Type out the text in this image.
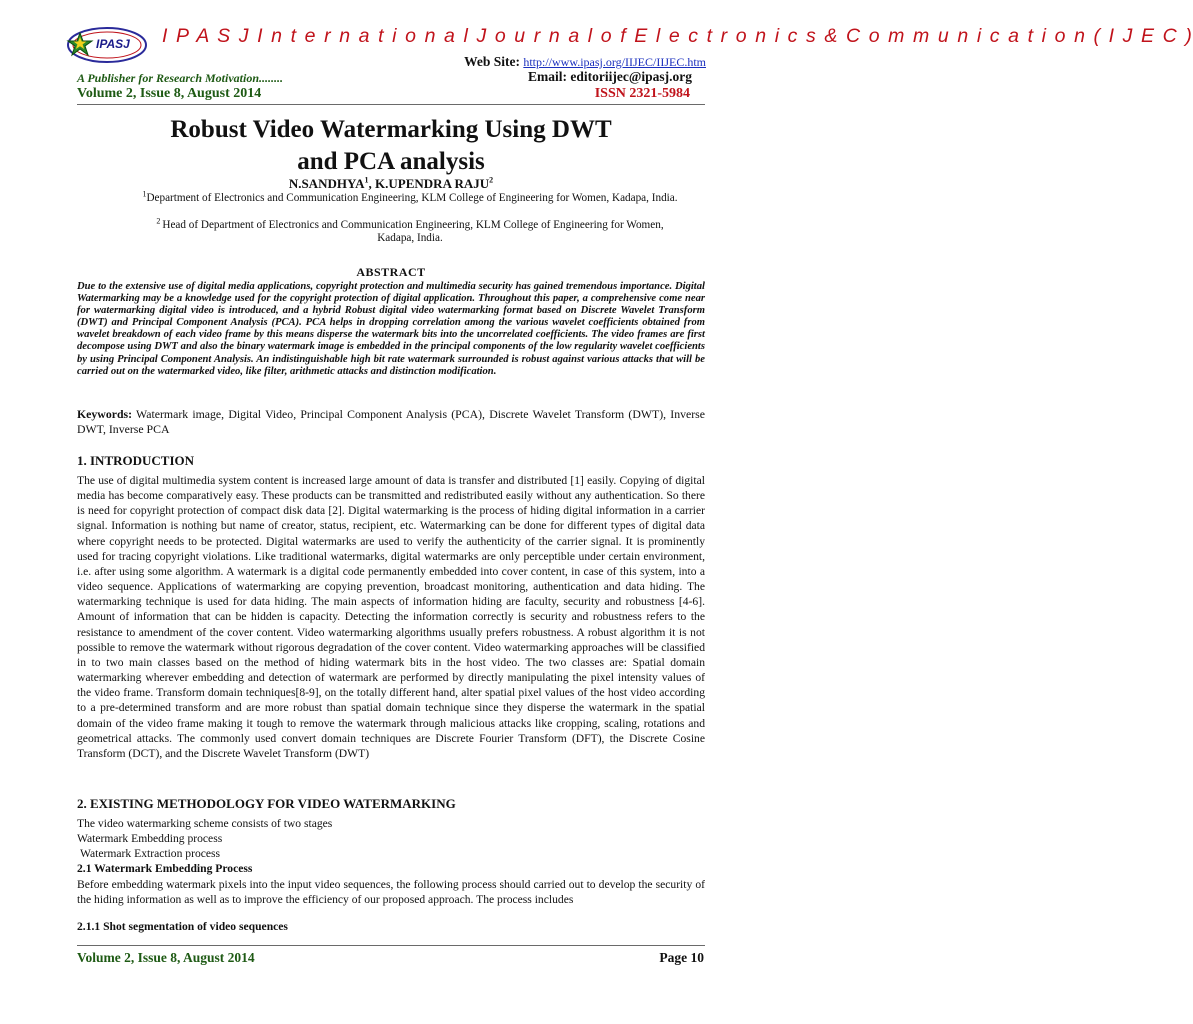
IPASJ I P A S J I n t e r n a t i o n a l J o u r n a l o f E l e c t r o n i c s & C o m m u n i c a t i o n ( I J E C )
Web Site: http://www.ipasj.org/IIJEC/IIJEC.htm
A Publisher for Research Motivation........	Email: editoriijec@ipasj.org
Volume 2, Issue 8, August 2014	ISSN 2321-5984
Robust Video Watermarking Using DWT
and PCA analysis
N.SANDHYA$^1$, K.UPENDRA RAJU$^2$
$^1$Department of Electronics and Communication Engineering, KLM College of Engineering for Women, Kadapa, India.
$^2$ Head of Department of Electronics and Communication Engineering, KLM College of Engineering for Women, Kadapa, India.
ABSTRACT
Due to the extensive use of digital media applications, copyright protection and multimedia security has gained tremendous importance. Digital Watermarking may be a knowledge used for the copyright protection of digital application. Throughout this paper, a comprehensive come near for watermarking digital video is introduced, and a hybrid Robust digital video watermarking format based on Discrete Wavelet Transform (DWT) and Principal Component Analysis (PCA). PCA helps in dropping correlation among the various wavelet coefficients obtained from wavelet breakdown of each video frame by this means disperse the watermark bits into the uncorrelated coefficients. The video frames are first decompose using DWT and also the binary watermark image is embedded in the principal components of the low regularity wavelet coefficients by using Principal Component Analysis. An indistinguishable high bit rate watermark surrounded is robust against various attacks that will be carried out on the watermarked video, like filter, arithmetic attacks and distinction modification.
Keywords: Watermark image, Digital Video, Principal Component Analysis (PCA), Discrete Wavelet Transform (DWT), Inverse DWT, Inverse PCA
1. INTRODUCTION
The use of digital multimedia system content is increased large amount of data is transfer and distributed [1] easily. Copying of digital media has become comparatively easy. These products can be transmitted and redistributed easily without any authentication. So there is need for copyright protection of compact disk data [2]. Digital watermarking is the process of hiding digital information in a carrier signal. Information is nothing but name of creator, status, recipient, etc. Watermarking can be done for different types of digital data where copyright needs to be protected. Digital watermarks are used to verify the authenticity of the carrier signal. It is prominently used for tracing copyright violations. Like traditional watermarks, digital watermarks are only perceptible under certain environment, i.e. after using some algorithm. A watermark is a digital code permanently embedded into cover content, in case of this system, into a video sequence. Applications of watermarking are copying prevention, broadcast monitoring, authentication and data hiding. The watermarking technique is used for data hiding. The main aspects of information hiding are faculty, security and robustness [4-6]. Amount of information that can be hidden is capacity. Detecting the information correctly is security and robustness refers to the resistance to amendment of the cover content. Video watermarking algorithms usually prefers robustness. A robust algorithm it is not possible to remove the watermark without rigorous degradation of the cover content. Video watermarking approaches will be classified in to two main classes based on the method of hiding watermark bits in the host video. The two classes are: Spatial domain watermarking wherever embedding and detection of watermark are performed by directly manipulating the pixel intensity values of the video frame. Transform domain techniques[8-9], on the totally different hand, alter spatial pixel values of the host video according to a pre-determined transform and are more robust than spatial domain technique since they disperse the watermark in the spatial domain of the video frame making it tough to remove the watermark through malicious attacks like cropping, scaling, rotations and geometrical attacks. The commonly used convert domain techniques are Discrete Fourier Transform (DFT), the Discrete Cosine Transform (DCT), and the Discrete Wavelet Transform (DWT)
2. EXISTING METHODOLOGY FOR VIDEO WATERMARKING
The video watermarking scheme consists of two stages
Watermark Embedding process
Watermark Extraction process
2.1 Watermark Embedding Process
Before embedding watermark pixels into the input video sequences, the following process should carried out to develop the security of the hiding information as well as to improve the efficiency of our proposed approach. The process includes
2.1.1 Shot segmentation of video sequences
Volume 2, Issue 8, August 2014	Page 10
